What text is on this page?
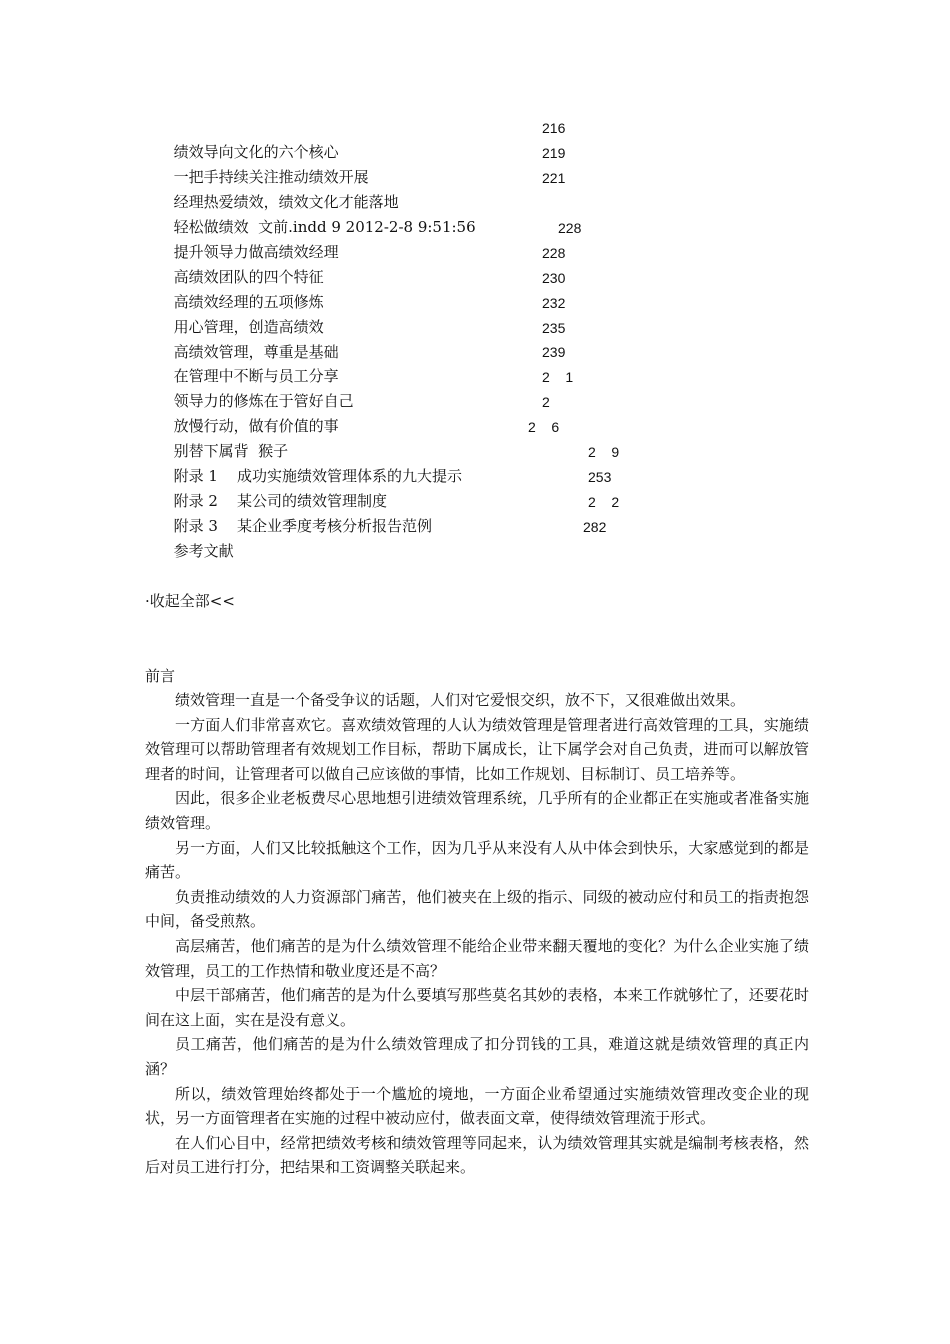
绩效导向文化的六个核心

216

一把手持续关注推动绩效开展

219

经理热爱绩效，绩效文化才能落地

221

轻松做绩效  文前.indd 9 2012-2-8 9:51:56

提升领导力做高绩效经理

228

高绩效团队的四个特征

228

高绩效经理的五项修炼

230

用心管理，创造高绩效

232

高绩效管理，尊重是基础

235

在管理中不断与员工分享

239

领导力的修炼在于管好自己

2    1

放慢行动，做有价值的事

2

别替下属背  猴子

2    6

附录 1    成功实施绩效管理体系的九大提示

2    9

附录 2    某公司的绩效管理制度

253

附录 3    某企业季度考核分析报告范例

2    2

参考文献

282

·收起全部<<
前言

绩效管理一直是一个备受争议的话题，人们对它爱恨交织，放不下，又很难做出效果。

一方面人们非常喜欢它。喜欢绩效管理的人认为绩效管理是管理者进行高效管理的工具，实施绩效管理可以帮助管理者有效规划工作目标，帮助下属成长，让下属学会对自己负责，进而可以解放管理者的时间，让管理者可以做自己应该做的事情，比如工作规划、目标制订、员工培养等。

因此，很多企业老板费尽心思地想引进绩效管理系统，几乎所有的企业都正在实施或者准备实施绩效管理。

另一方面，人们又比较抵触这个工作，因为几乎从来没有人从中体会到快乐，大家感觉到的都是痛苦。

负责推动绩效的人力资源部门痛苦，他们被夹在上级的指示、同级的被动应付和员工的指责抱怨中间，备受煎熬。

高层痛苦，他们痛苦的是为什么绩效管理不能给企业带来翻天覆地的变化？为什么企业实施了绩效管理，员工的工作热情和敬业度还是不高？

中层干部痛苦，他们痛苦的是为什么要填写那些莫名其妙的表格，本来工作就够忙了，还要花时间在这上面，实在是没有意义。

员工痛苦，他们痛苦的是为什么绩效管理成了扣分罚钱的工具，难道这就是绩效管理的真正内涵？

所以，绩效管理始终都处于一个尴尬的境地，一方面企业希望通过实施绩效管理改变企业的现状，另一方面管理者在实施的过程中被动应付，做表面文章，使得绩效管理流于形式。

在人们心目中，经常把绩效考核和绩效管理等同起来，认为绩效管理其实就是编制考核表格，然后对员工进行打分，把结果和工资调整关联起来。
